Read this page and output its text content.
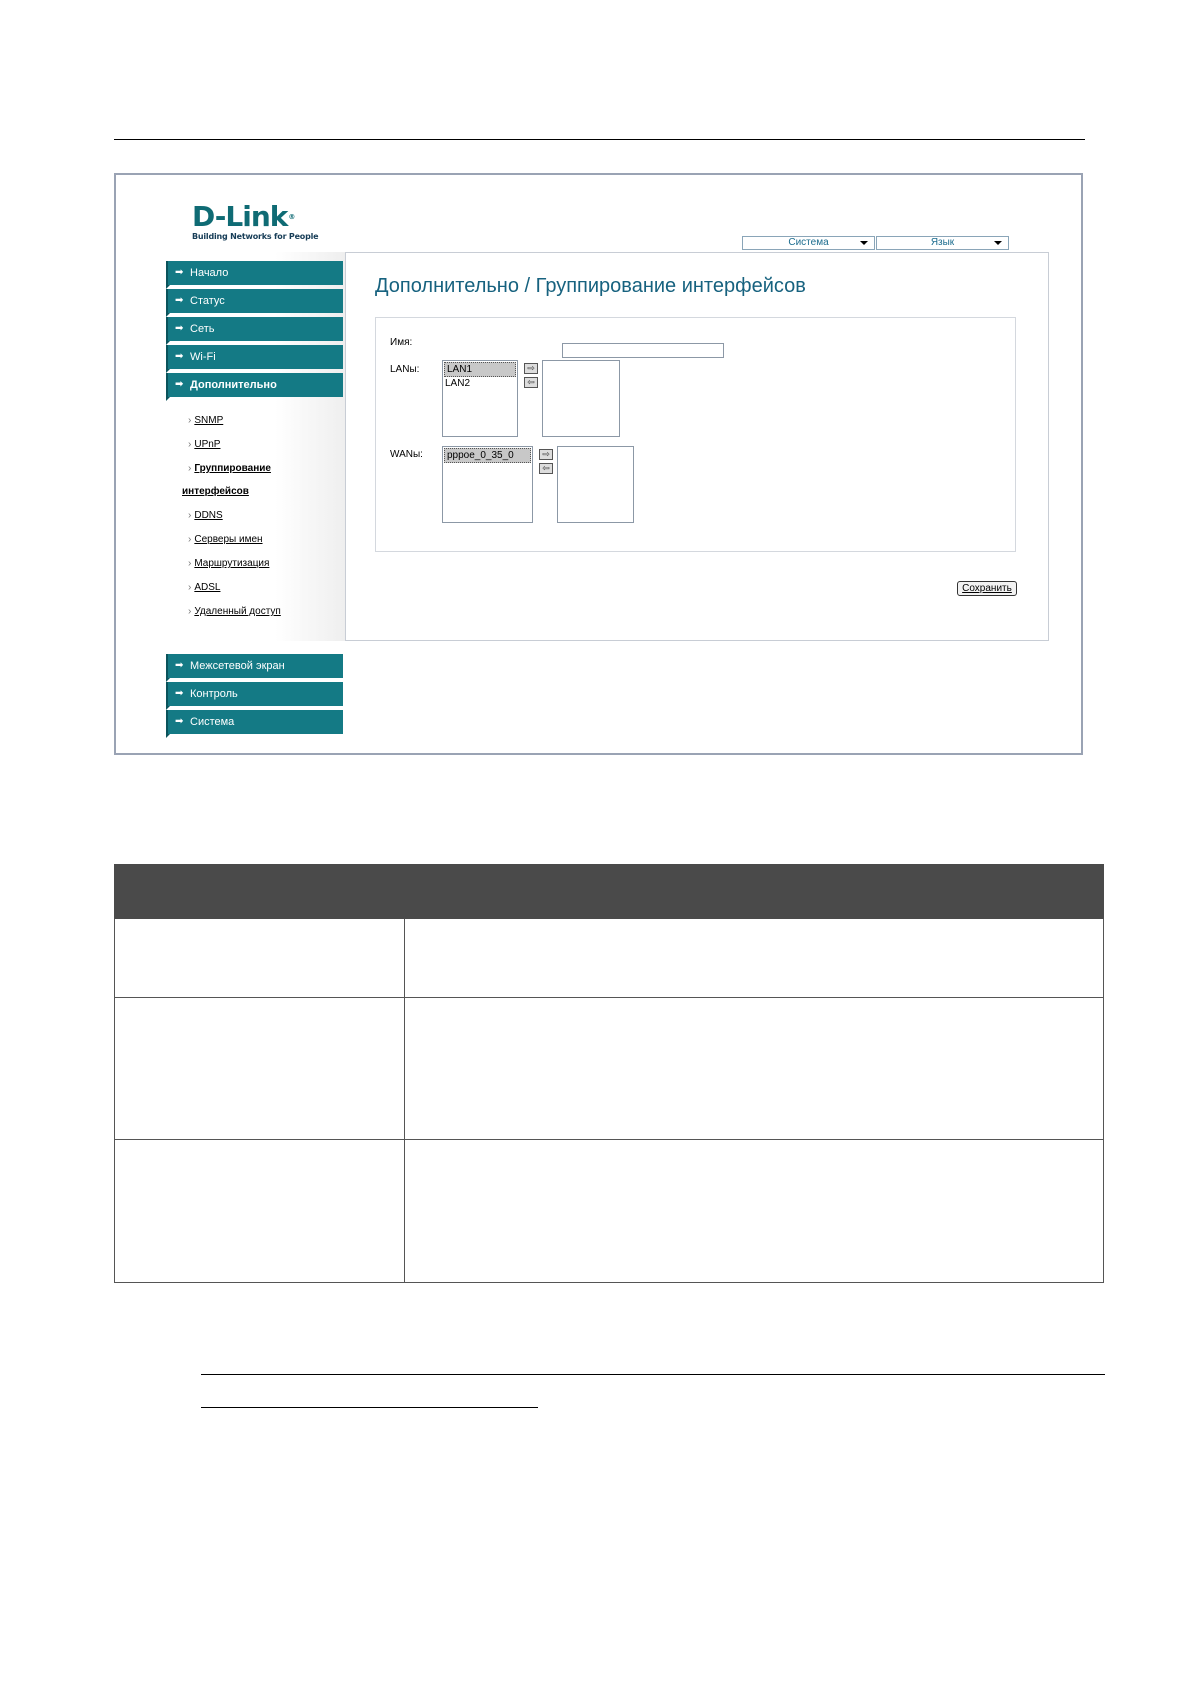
D-Link®
Building Networks for People
Система	Язык
➡ Начало
➡ Статус
➡ Сеть
➡ Wi-Fi
➡ Дополнительно
› SNMP
› UPnP
› Группирование
интерфейсов
› DDNS
› Серверы имен
› Маршрутизация
› ADSL
› Удаленный доступ
➡ Межсетевой экран
➡ Контроль
➡ Система
Дополнительно / Группирование интерфейсов
Имя:
LANы:	LAN1
LAN2
⇨
⇦
WANы:	pppoe_0_35_0	⇨
⇦
Сохранить
